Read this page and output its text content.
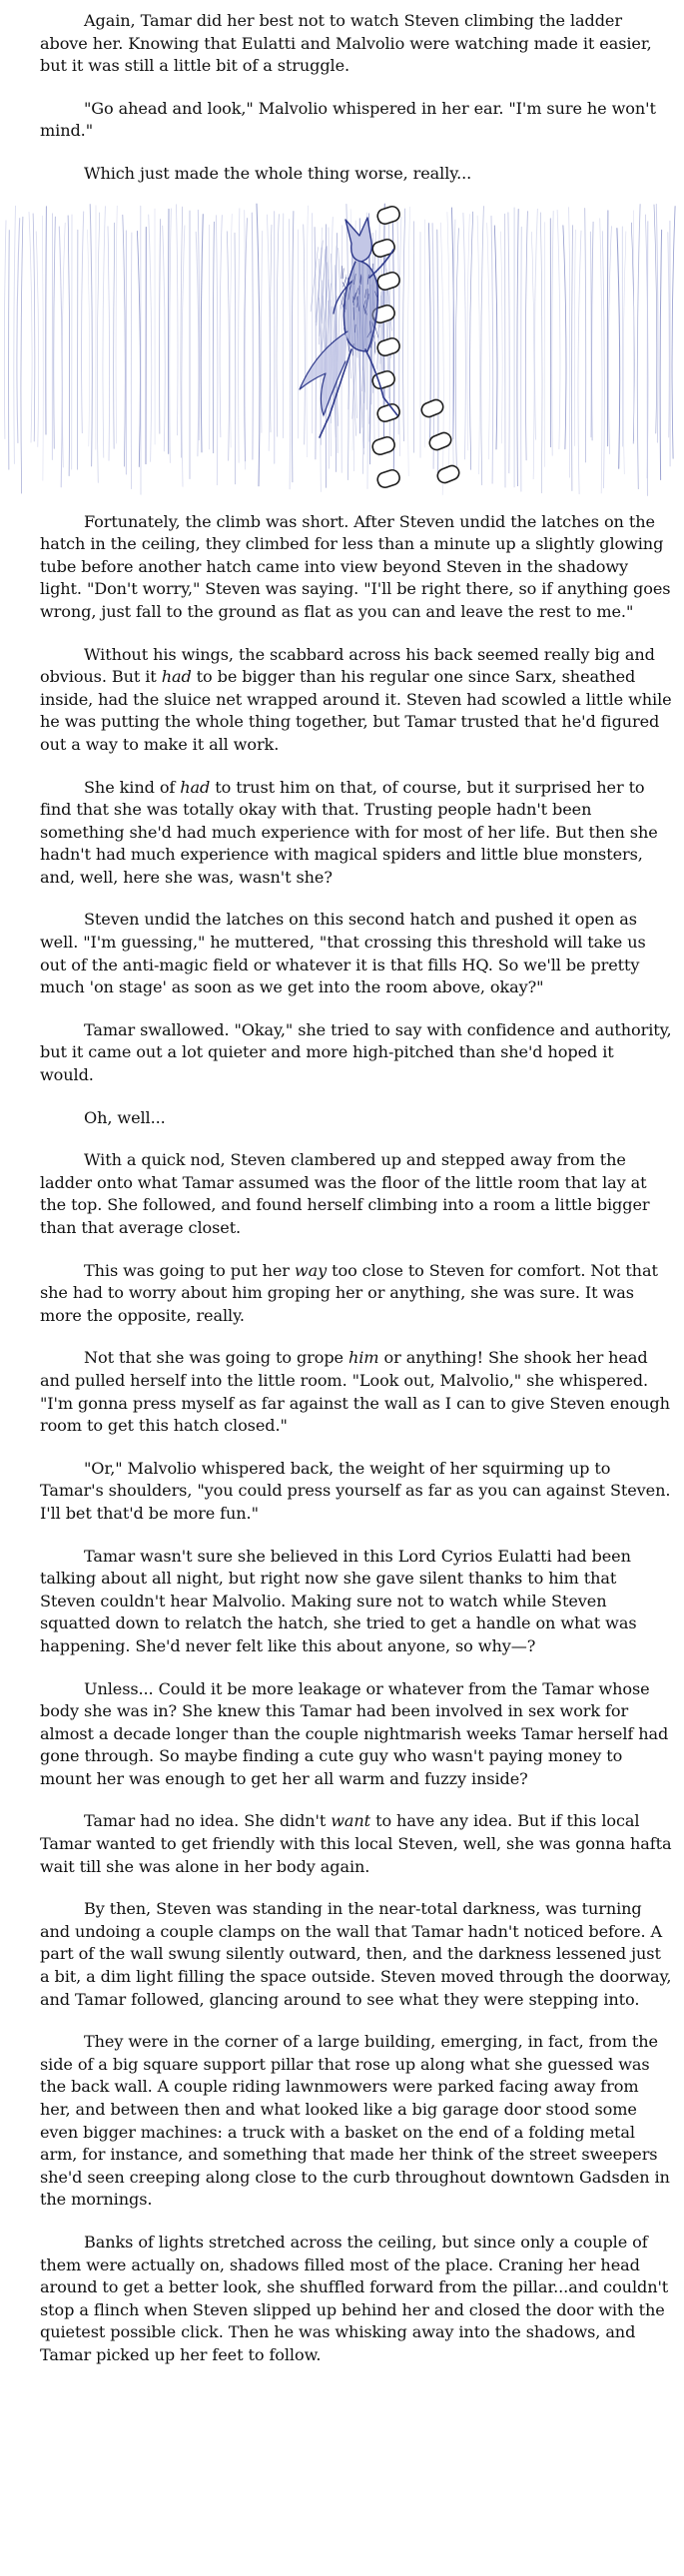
Again, Tamar did her best not to watch Steven climbing the ladder above her. Knowing that Eulatti and Malvolio were watching made it easier, but it was still a little bit of a struggle.

"Go ahead and look," Malvolio whispered in her ear. "I'm sure he won't mind."

Which just made the whole thing worse, really...

Fortunately, the climb was short. After Steven undid the latches on the hatch in the ceiling, they climbed for less than a minute up a slightly glowing tube before another hatch came into view beyond Steven in the shadowy light. "Don't worry," Steven was saying. "I'll be right there, so if anything goes wrong, just fall to the ground as flat as you can and leave the rest to me."

Without his wings, the scabbard across his back seemed really big and obvious. But it had to be bigger than his regular one since Sarx, sheathed inside, had the sluice net wrapped around it. Steven had scowled a little while he was putting the whole thing together, but Tamar trusted that he'd figured out a way to make it all work.

She kind of had to trust him on that, of course, but it surprised her to find that she was totally okay with that. Trusting people hadn't been something she'd had much experience with for most of her life. But then she hadn't had much experience with magical spiders and little blue monsters, and, well, here she was, wasn't she?

Steven undid the latches on this second hatch and pushed it open as well. "I'm guessing," he muttered, "that crossing this threshold will take us out of the anti-magic field or whatever it is that fills HQ. So we'll be pretty much 'on stage' as soon as we get into the room above, okay?"

Tamar swallowed. "Okay," she tried to say with confidence and authority, but it came out a lot quieter and more high-pitched than she'd hoped it would.

Oh, well...

With a quick nod, Steven clambered up and stepped away from the ladder onto what Tamar assumed was the floor of the little room that lay at the top. She followed, and found herself climbing into a room a little bigger than that average closet.

This was going to put her way too close to Steven for comfort. Not that she had to worry about him groping her or anything, she was sure. It was more the opposite, really.

Not that she was going to grope him or anything! She shook her head and pulled herself into the little room. "Look out, Malvolio," she whispered. "I'm gonna press myself as far against the wall as I can to give Steven enough room to get this hatch closed."

"Or," Malvolio whispered back, the weight of her squirming up to Tamar's shoulders, "you could press yourself as far as you can against Steven. I'll bet that'd be more fun."

Tamar wasn't sure she believed in this Lord Cyrios Eulatti had been talking about all night, but right now she gave silent thanks to him that Steven couldn't hear Malvolio. Making sure not to watch while Steven squatted down to relatch the hatch, she tried to get a handle on what was happening. She'd never felt like this about anyone, so why—?

Unless... Could it be more leakage or whatever from the Tamar whose body she was in? She knew this Tamar had been involved in sex work for almost a decade longer than the couple nightmarish weeks Tamar herself had gone through. So maybe finding a cute guy who wasn't paying money to mount her was enough to get her all warm and fuzzy inside?

Tamar had no idea. She didn't want to have any idea. But if this local Tamar wanted to get friendly with this local Steven, well, she was gonna hafta wait till she was alone in her body again.

By then, Steven was standing in the near-total darkness, was turning and undoing a couple clamps on the wall that Tamar hadn't noticed before. A part of the wall swung silently outward, then, and the darkness lessened just a bit, a dim light filling the space outside. Steven moved through the doorway, and Tamar followed, glancing around to see what they were stepping into.

They were in the corner of a large building, emerging, in fact, from the side of a big square support pillar that rose up along what she guessed was the back wall. A couple riding lawnmowers were parked facing away from her, and between then and what looked like a big garage door stood some even bigger machines: a truck with a basket on the end of a folding metal arm, for instance, and something that made her think of the street sweepers she'd seen creeping along close to the curb throughout downtown Gadsden in the mornings.

Banks of lights stretched across the ceiling, but since only a couple of them were actually on, shadows filled most of the place. Craning her head around to get a better look, she shuffled forward from the pillar...and couldn't stop a flinch when Steven slipped up behind her and closed the door with the quietest possible click. Then he was whisking away into the shadows, and Tamar picked up her feet to follow.
